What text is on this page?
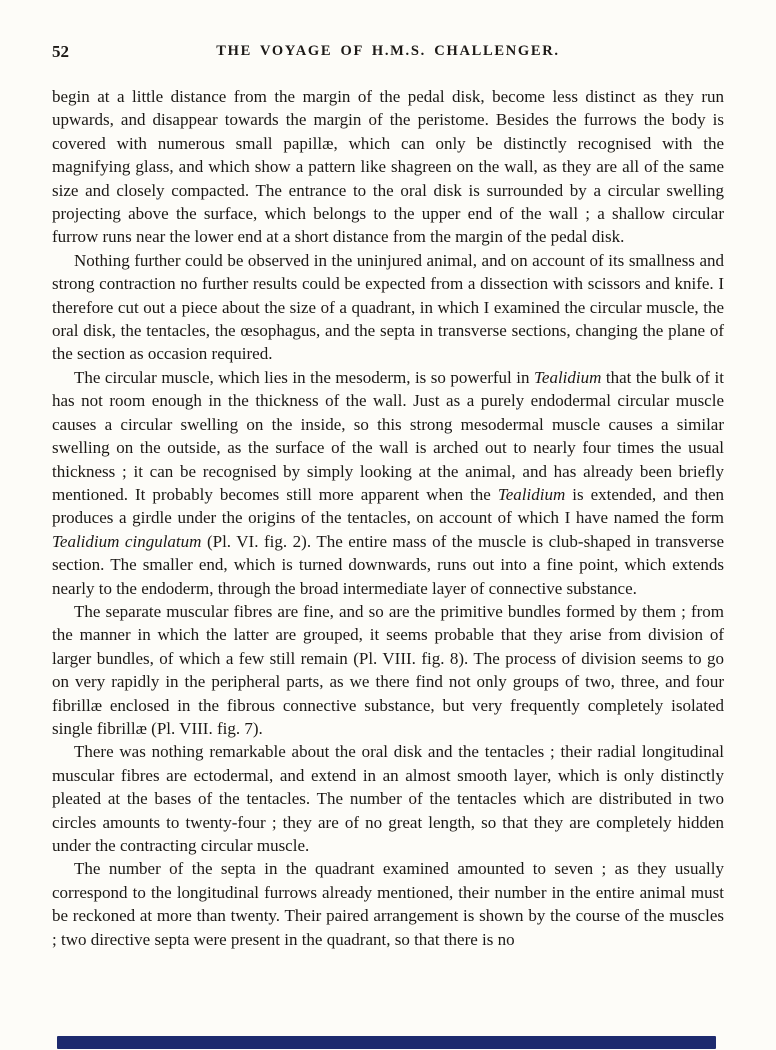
52	THE VOYAGE OF H.M.S. CHALLENGER.

begin at a little distance from the margin of the pedal disk, become less distinct as they run upwards, and disappear towards the margin of the peristome. Besides the furrows the body is covered with numerous small papillæ, which can only be distinctly recognised with the magnifying glass, and which show a pattern like shagreen on the wall, as they are all of the same size and closely compacted. The entrance to the oral disk is surrounded by a circular swelling projecting above the surface, which belongs to the upper end of the wall ; a shallow circular furrow runs near the lower end at a short distance from the margin of the pedal disk.

Nothing further could be observed in the uninjured animal, and on account of its smallness and strong contraction no further results could be expected from a dissection with scissors and knife. I therefore cut out a piece about the size of a quadrant, in which I examined the circular muscle, the oral disk, the tentacles, the œsophagus, and the septa in transverse sections, changing the plane of the section as occasion required.

The circular muscle, which lies in the mesoderm, is so powerful in Tealidium that the bulk of it has not room enough in the thickness of the wall. Just as a purely endodermal circular muscle causes a circular swelling on the inside, so this strong mesodermal muscle causes a similar swelling on the outside, as the surface of the wall is arched out to nearly four times the usual thickness ; it can be recognised by simply looking at the animal, and has already been briefly mentioned. It probably becomes still more apparent when the Tealidium is extended, and then produces a girdle under the origins of the tentacles, on account of which I have named the form Tealidium cingulatum (Pl. VI. fig. 2). The entire mass of the muscle is club-shaped in transverse section. The smaller end, which is turned downwards, runs out into a fine point, which extends nearly to the endoderm, through the broad intermediate layer of connective substance.

The separate muscular fibres are fine, and so are the primitive bundles formed by them ; from the manner in which the latter are grouped, it seems probable that they arise from division of larger bundles, of which a few still remain (Pl. VIII. fig. 8). The process of division seems to go on very rapidly in the peripheral parts, as we there find not only groups of two, three, and four fibrillæ enclosed in the fibrous connective substance, but very frequently completely isolated single fibrillæ (Pl. VIII. fig. 7).

There was nothing remarkable about the oral disk and the tentacles ; their radial longitudinal muscular fibres are ectodermal, and extend in an almost smooth layer, which is only distinctly pleated at the bases of the tentacles. The number of the tentacles which are distributed in two circles amounts to twenty-four ; they are of no great length, so that they are completely hidden under the contracting circular muscle.

The number of the septa in the quadrant examined amounted to seven ; as they usually correspond to the longitudinal furrows already mentioned, their number in the entire animal must be reckoned at more than twenty. Their paired arrangement is shown by the course of the muscles ; two directive septa were present in the quadrant, so that there is no
